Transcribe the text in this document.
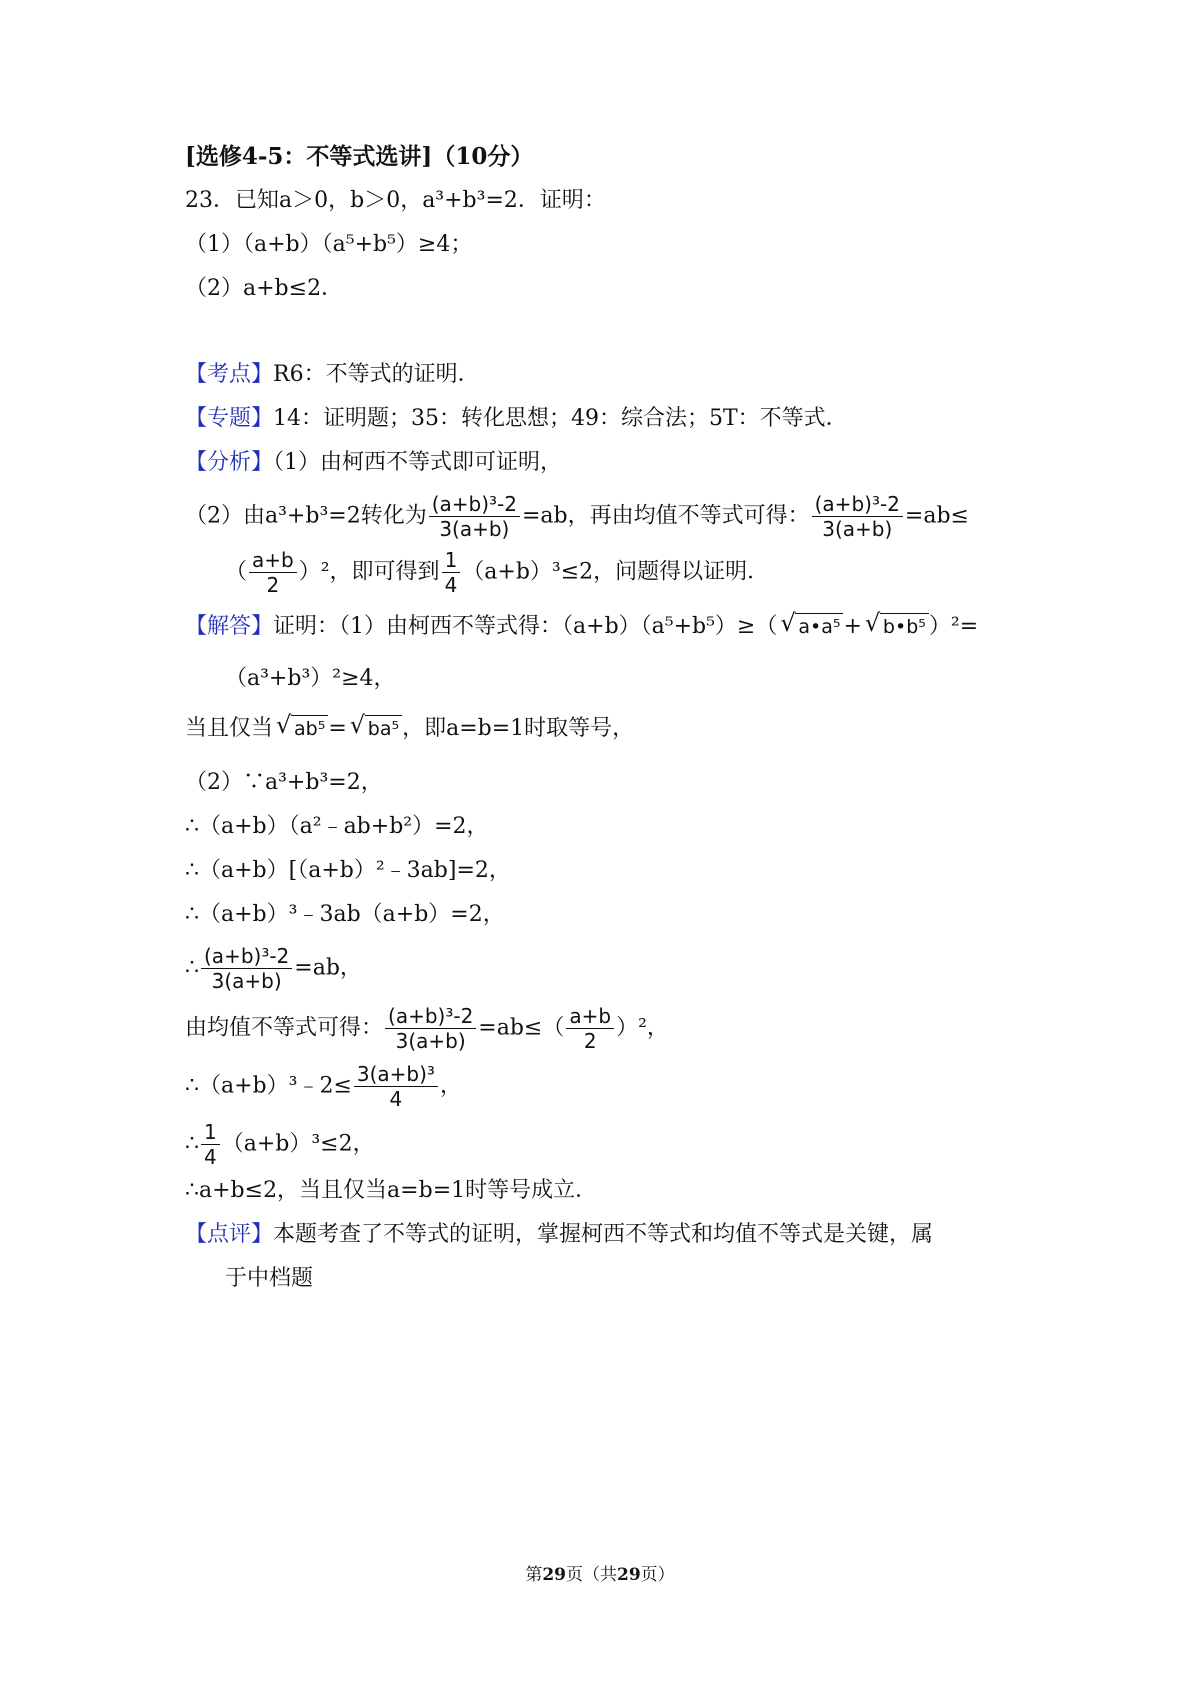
[选修4-5：不等式选讲]（10分）
23．已知a＞0，b＞0，a³+b³=2．证明：
（1）（a+b）（a⁵+b⁵）≥4；
（2）a+b≤2．
【考点】R6：不等式的证明．
【专题】14：证明题；35：转化思想；49：综合法；5T：不等式．
【分析】（1）由柯西不等式即可证明，
（2）由a³+b³=2转化为 $\frac{\text{(a+b)³-2}}{3(a+b)} =ab$，再由均值不等式可得： $\frac{\text{(a+b)³-2}}{3(a+b)} =ab\le$
（ $\frac{a+b}{2} )^2$，即可得到 $\frac{1}{4} (a+b)^3\le 2$，问题得以证明．
【解答】证明：（1）由柯西不等式得：（a+b）（a⁵+b⁵）≥（ √ a•a⁵ + √ b•b⁵ ）²=
（a³+b³）²≥4，
当且仅当 √ ab⁵ = √ ba⁵ ，即a=b=1时取等号，
（2）∵a³+b³=2，
∴（a+b）（a²﹣ab+b²）=2，
∴（a+b）[（a+b）²﹣3ab]=2，
∴（a+b）³﹣3ab（a+b）=2，
∴ $\frac{\text{(a+b)³-2}}{3(a+b)} =ab$，
由均值不等式可得： $\frac{\text{(a+b)³-2}}{3(a+b)} =ab\le( \frac{a+b}{2} )^2$，
∴（a+b）³﹣2≤ $\frac{\text{3(a+b)³}}{4}$ ，
∴ $\frac{1}{4} (a+b)^3\le 2$，
∴a+b≤2，当且仅当a=b=1时等号成立．
【点评】本题考查了不等式的证明，掌握柯西不等式和均值不等式是关键，属
于中档题
第29页（共29页）
